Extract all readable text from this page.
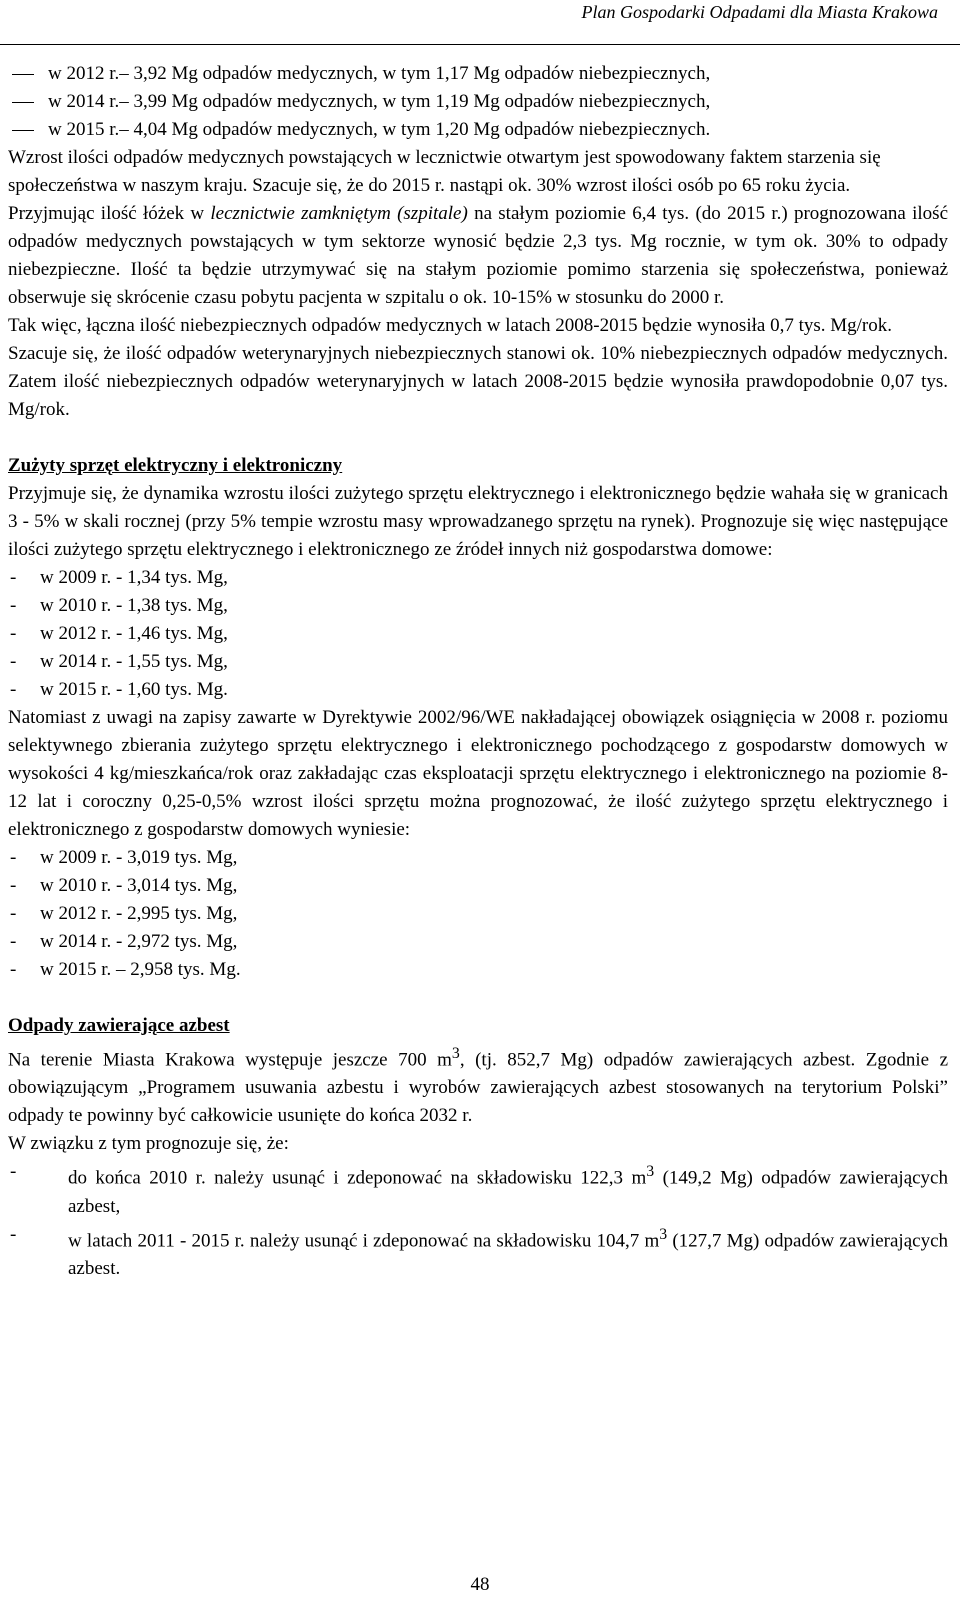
Plan Gospodarki Odpadami dla Miasta Krakowa
w 2012 r.– 3,92 Mg odpadów medycznych, w tym 1,17 Mg odpadów niebezpiecznych,
w 2014 r.– 3,99 Mg odpadów medycznych, w tym 1,19 Mg odpadów niebezpiecznych,
w 2015 r.– 4,04 Mg odpadów medycznych, w tym 1,20 Mg odpadów niebezpiecznych.

Wzrost ilości odpadów medycznych powstających w lecznictwie otwartym jest spowodowany faktem starzenia się społeczeństwa w naszym kraju. Szacuje się, że do 2015 r. nastąpi ok. 30% wzrost ilości osób po 65 roku życia.

Przyjmując ilość łóżek w lecznictwie zamkniętym (szpitale) na stałym poziomie 6,4 tys. (do 2015 r.) prognozowana ilość odpadów medycznych powstających w tym sektorze wynosić będzie 2,3 tys. Mg rocznie, w tym ok. 30% to odpady niebezpieczne. Ilość ta będzie utrzymywać się na stałym poziomie pomimo starzenia się społeczeństwa, ponieważ obserwuje się skrócenie czasu pobytu pacjenta w szpitalu o ok. 10-15% w stosunku do 2000 r.

Tak więc, łączna ilość niebezpiecznych odpadów medycznych w latach 2008-2015 będzie wynosiła 0,7 tys. Mg/rok.

Szacuje się, że ilość odpadów weterynaryjnych niebezpiecznych stanowi ok. 10% niebezpiecznych odpadów medycznych. Zatem ilość niebezpiecznych odpadów weterynaryjnych w latach 2008-2015 będzie wynosiła prawdopodobnie 0,07 tys. Mg/rok.

Zużyty sprzęt elektryczny i elektroniczny

Przyjmuje się, że dynamika wzrostu ilości zużytego sprzętu elektrycznego i elektronicznego będzie wahała się w granicach 3 - 5% w skali rocznej (przy 5% tempie wzrostu masy wprowadzanego sprzętu na rynek). Prognozuje się więc następujące ilości zużytego sprzętu elektrycznego i elektronicznego ze źródeł innych niż gospodarstwa domowe:

- w 2009 r. - 1,34 tys. Mg,
- w 2010 r. - 1,38 tys. Mg,
- w 2012 r. - 1,46 tys. Mg,
- w 2014 r. - 1,55 tys. Mg,
- w 2015 r. - 1,60 tys. Mg.

Natomiast z uwagi na zapisy zawarte w Dyrektywie 2002/96/WE nakładającej obowiązek osiągnięcia w 2008 r. poziomu selektywnego zbierania zużytego sprzętu elektrycznego i elektronicznego pochodzącego z gospodarstw domowych w wysokości 4 kg/mieszkańca/rok oraz zakładając czas eksploatacji sprzętu elektrycznego i elektronicznego na poziomie 8-12 lat i coroczny 0,25-0,5% wzrost ilości sprzętu można prognozować, że ilość zużytego sprzętu elektrycznego i elektronicznego z gospodarstw domowych wyniesie:

- w 2009 r. - 3,019 tys. Mg,
- w 2010 r. - 3,014 tys. Mg,
- w 2012 r. - 2,995 tys. Mg,
- w 2014 r. - 2,972 tys. Mg,
- w 2015 r. – 2,958 tys. Mg.

Odpady zawierające azbest

Na terenie Miasta Krakowa występuje jeszcze 700 $m^3$, (tj. 852,7 Mg) odpadów zawierających azbest. Zgodnie z obowiązującym „Programem usuwania azbestu i wyrobów zawierających azbest stosowanych na terytorium Polski” odpady te powinny być całkowicie usunięte do końca 2032 r.

W związku z tym prognozuje się, że:

- do końca 2010 r. należy usunąć i zdeponować na składowisku 122,3 $m^3$ (149,2 Mg) odpadów zawierających azbest,
- w latach 2011 - 2015 r. należy usunąć i zdeponować na składowisku 104,7 $m^3$ (127,7 Mg) odpadów zawierających azbest.
48
